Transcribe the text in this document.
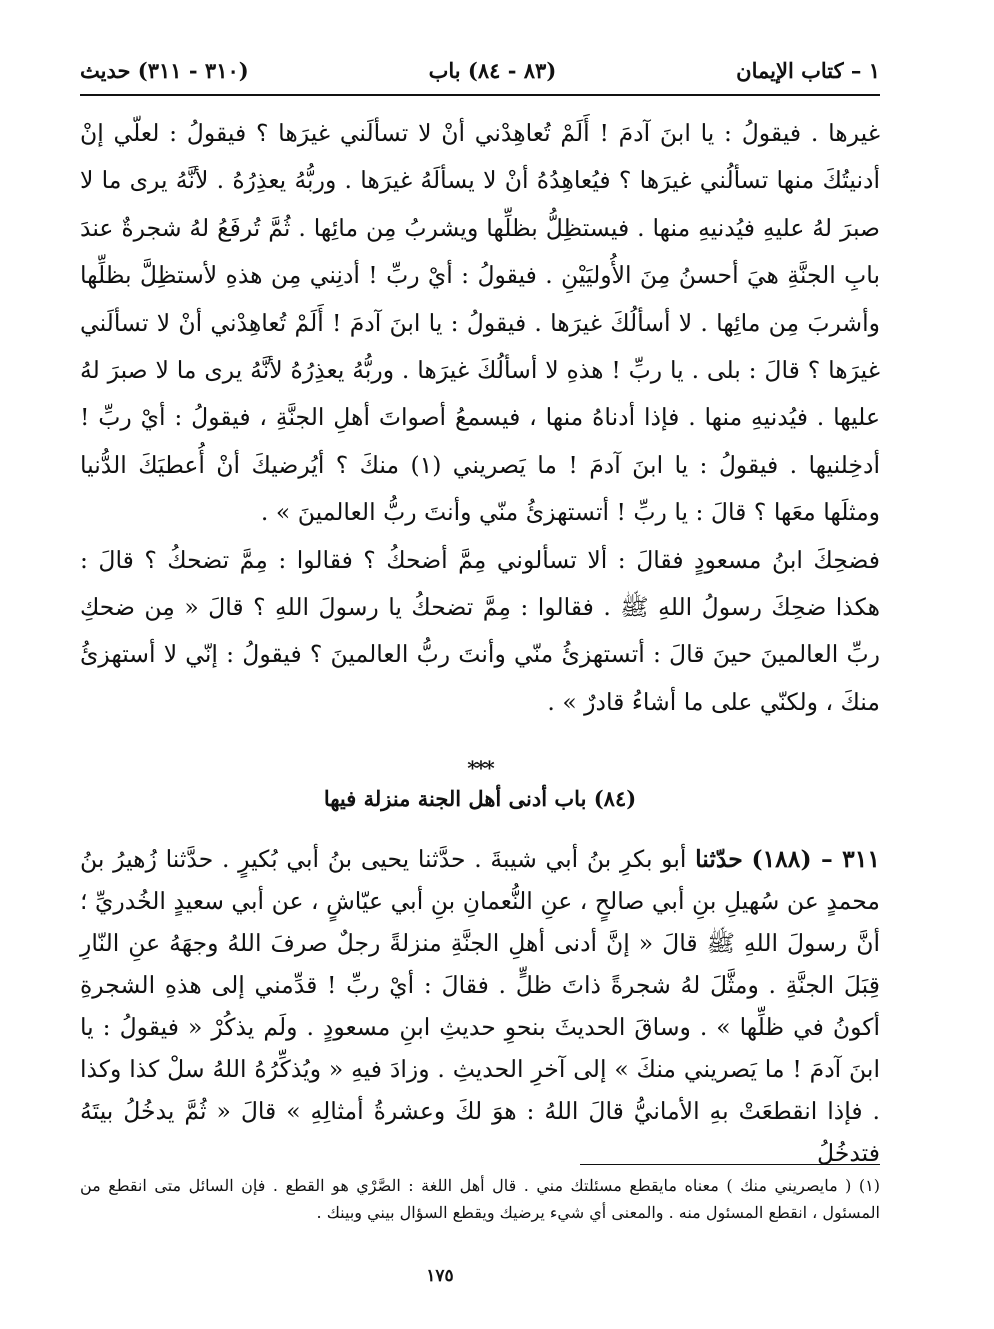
١ – كتاب الإيمان
(٨٣ - ٨٤) باب
(٣١٠ - ٣١١) حديث

غيرها . فيقولُ : يا ابنَ آدمَ ! أَلَمْ تُعاهِدْني أنْ لا تسألَني غيرَها ؟ فيقولُ : لعلّي إنْ أدنيتُكَ منها تسألُني غيرَها ؟ فيُعاهِدُهُ أنْ لا يسألَهُ غيرَها . وربُّهُ يعذِرُهُ . لأنَّهُ يرى ما لا صبرَ لهُ عليهِ فيُدنيهِ منها . فيستظِلُّ بظلِّها ويشربُ مِن مائِها . ثُمَّ تُرفَعُ لهُ شجرةٌ عندَ بابِ الجنَّةِ هيَ أحسنُ مِنَ الأُوليَيْنِ . فيقولُ : أيْ ربِّ ! أدنِني مِن هذهِ لأستظِلَّ بظلِّها وأشربَ مِن مائِها . لا أسألُكَ غيرَها . فيقولُ : يا ابنَ آدمَ ! أَلَمْ تُعاهِدْني أنْ لا تسألَني غيرَها ؟ قالَ : بلى . يا ربِّ ! هذهِ لا أسألُكَ غيرَها . وربُّهُ يعذِرُهُ لأنَّهُ يرى ما لا صبرَ لهُ عليها . فيُدنيهِ منها . فإذا أدناهُ منها ، فيسمعُ أصواتَ أهلِ الجنَّةِ ، فيقولُ : أيْ ربِّ ! أدخِلنيها . فيقولُ : يا ابنَ آدمَ ! ما يَصريني (١) منكَ ؟ أيُرضيكَ أنْ أُعطيَكَ الدُّنيا ومثلَها معَها ؟ قالَ : يا ربِّ ! أتستهزئُ منّي وأنتَ ربُّ العالمينَ » .

فضحِكَ ابنُ مسعودٍ فقالَ : ألا تسألوني مِمَّ أضحكُ ؟ فقالوا : مِمَّ تضحكُ ؟ قالَ : هكذا ضحِكَ رسولُ اللهِ ﷺ . فقالوا : مِمَّ تضحكُ يا رسولَ اللهِ ؟ قالَ « مِن ضحكِ ربِّ العالمينَ حينَ قالَ : أتستهزئُ منّي وأنتَ ربُّ العالمينَ ؟ فيقولُ : إنّي لا أستهزئُ منكَ ، ولكنّي على ما أشاءُ قادرٌ » .

***
(٨٤) باب أدنى أهل الجنة منزلة فيها
٣١١ – (١٨٨) حدّثنا أبو بكرِ بنُ أبي شيبةَ . حدَّثنا يحيى بنُ أبي بُكيرٍ . حدَّثنا زُهيرُ بنُ محمدٍ عن سُهيلِ بنِ أبي صالحٍ ، عنِ النُّعمانِ بنِ أبي عيّاشٍ ، عن أبي سعيدٍ الخُدريِّ ؛ أنَّ رسولَ اللهِ ﷺ قالَ « إنَّ أدنى أهلِ الجنَّةِ منزلةً رجلٌ صرفَ اللهُ وجهَهُ عنِ النّارِ قِبَلَ الجنَّةِ . ومثَّلَ لهُ شجرةً ذاتَ ظلٍّ . فقالَ : أيْ ربِّ ! قدِّمني إلى هذهِ الشجرةِ أكونُ في ظلِّها » . وساقَ الحديثَ بنحوِ حديثِ ابنِ مسعودٍ . ولَم يذكُرْ « فيقولُ : يا ابنَ آدمَ ! ما يَصريني منكَ » إلى آخرِ الحديثِ . وزادَ فيهِ « ويُذكِّرُهُ اللهُ سلْ كذا وكذا . فإذا انقطعَتْ بهِ الأمانيُّ قالَ اللهُ : هوَ لكَ وعشرةُ أمثالِهِ » قالَ « ثُمَّ يدخُلُ بيتَهُ فتدخُلُ
(١) ( مايصريني منك ) معناه مايقطع مسئلتك مني . قال أهل اللغة : الصَّرْي هو القطع . فإن السائل متى انقطع من المسئول ، انقطع المسئول منه . والمعنى أي شيء يرضيك ويقطع السؤال بيني وبينك .
١٧٥
